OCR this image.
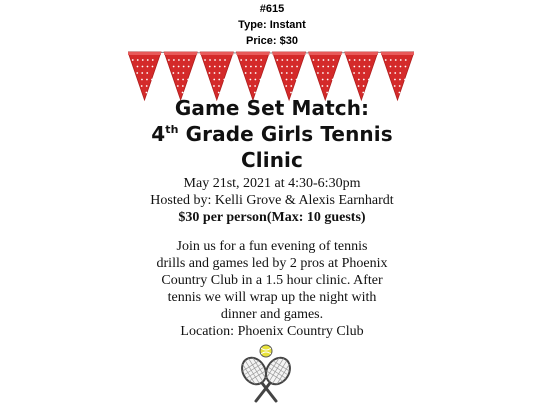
#615
Type: Instant
Price: $30
Game Set Match:
4th Grade Girls Tennis
Clinic
May 21st, 2021 at 4:30-6:30pm
Hosted by: Kelli Grove & Alexis Earnhardt
$30 per person(Max: 10 guests)
Join us for a fun evening of tennis
drills and games led by 2 pros at Phoenix
Country Club in a 1.5 hour clinic. After
tennis we will wrap up the night with
dinner and games.
Location: Phoenix Country Club
